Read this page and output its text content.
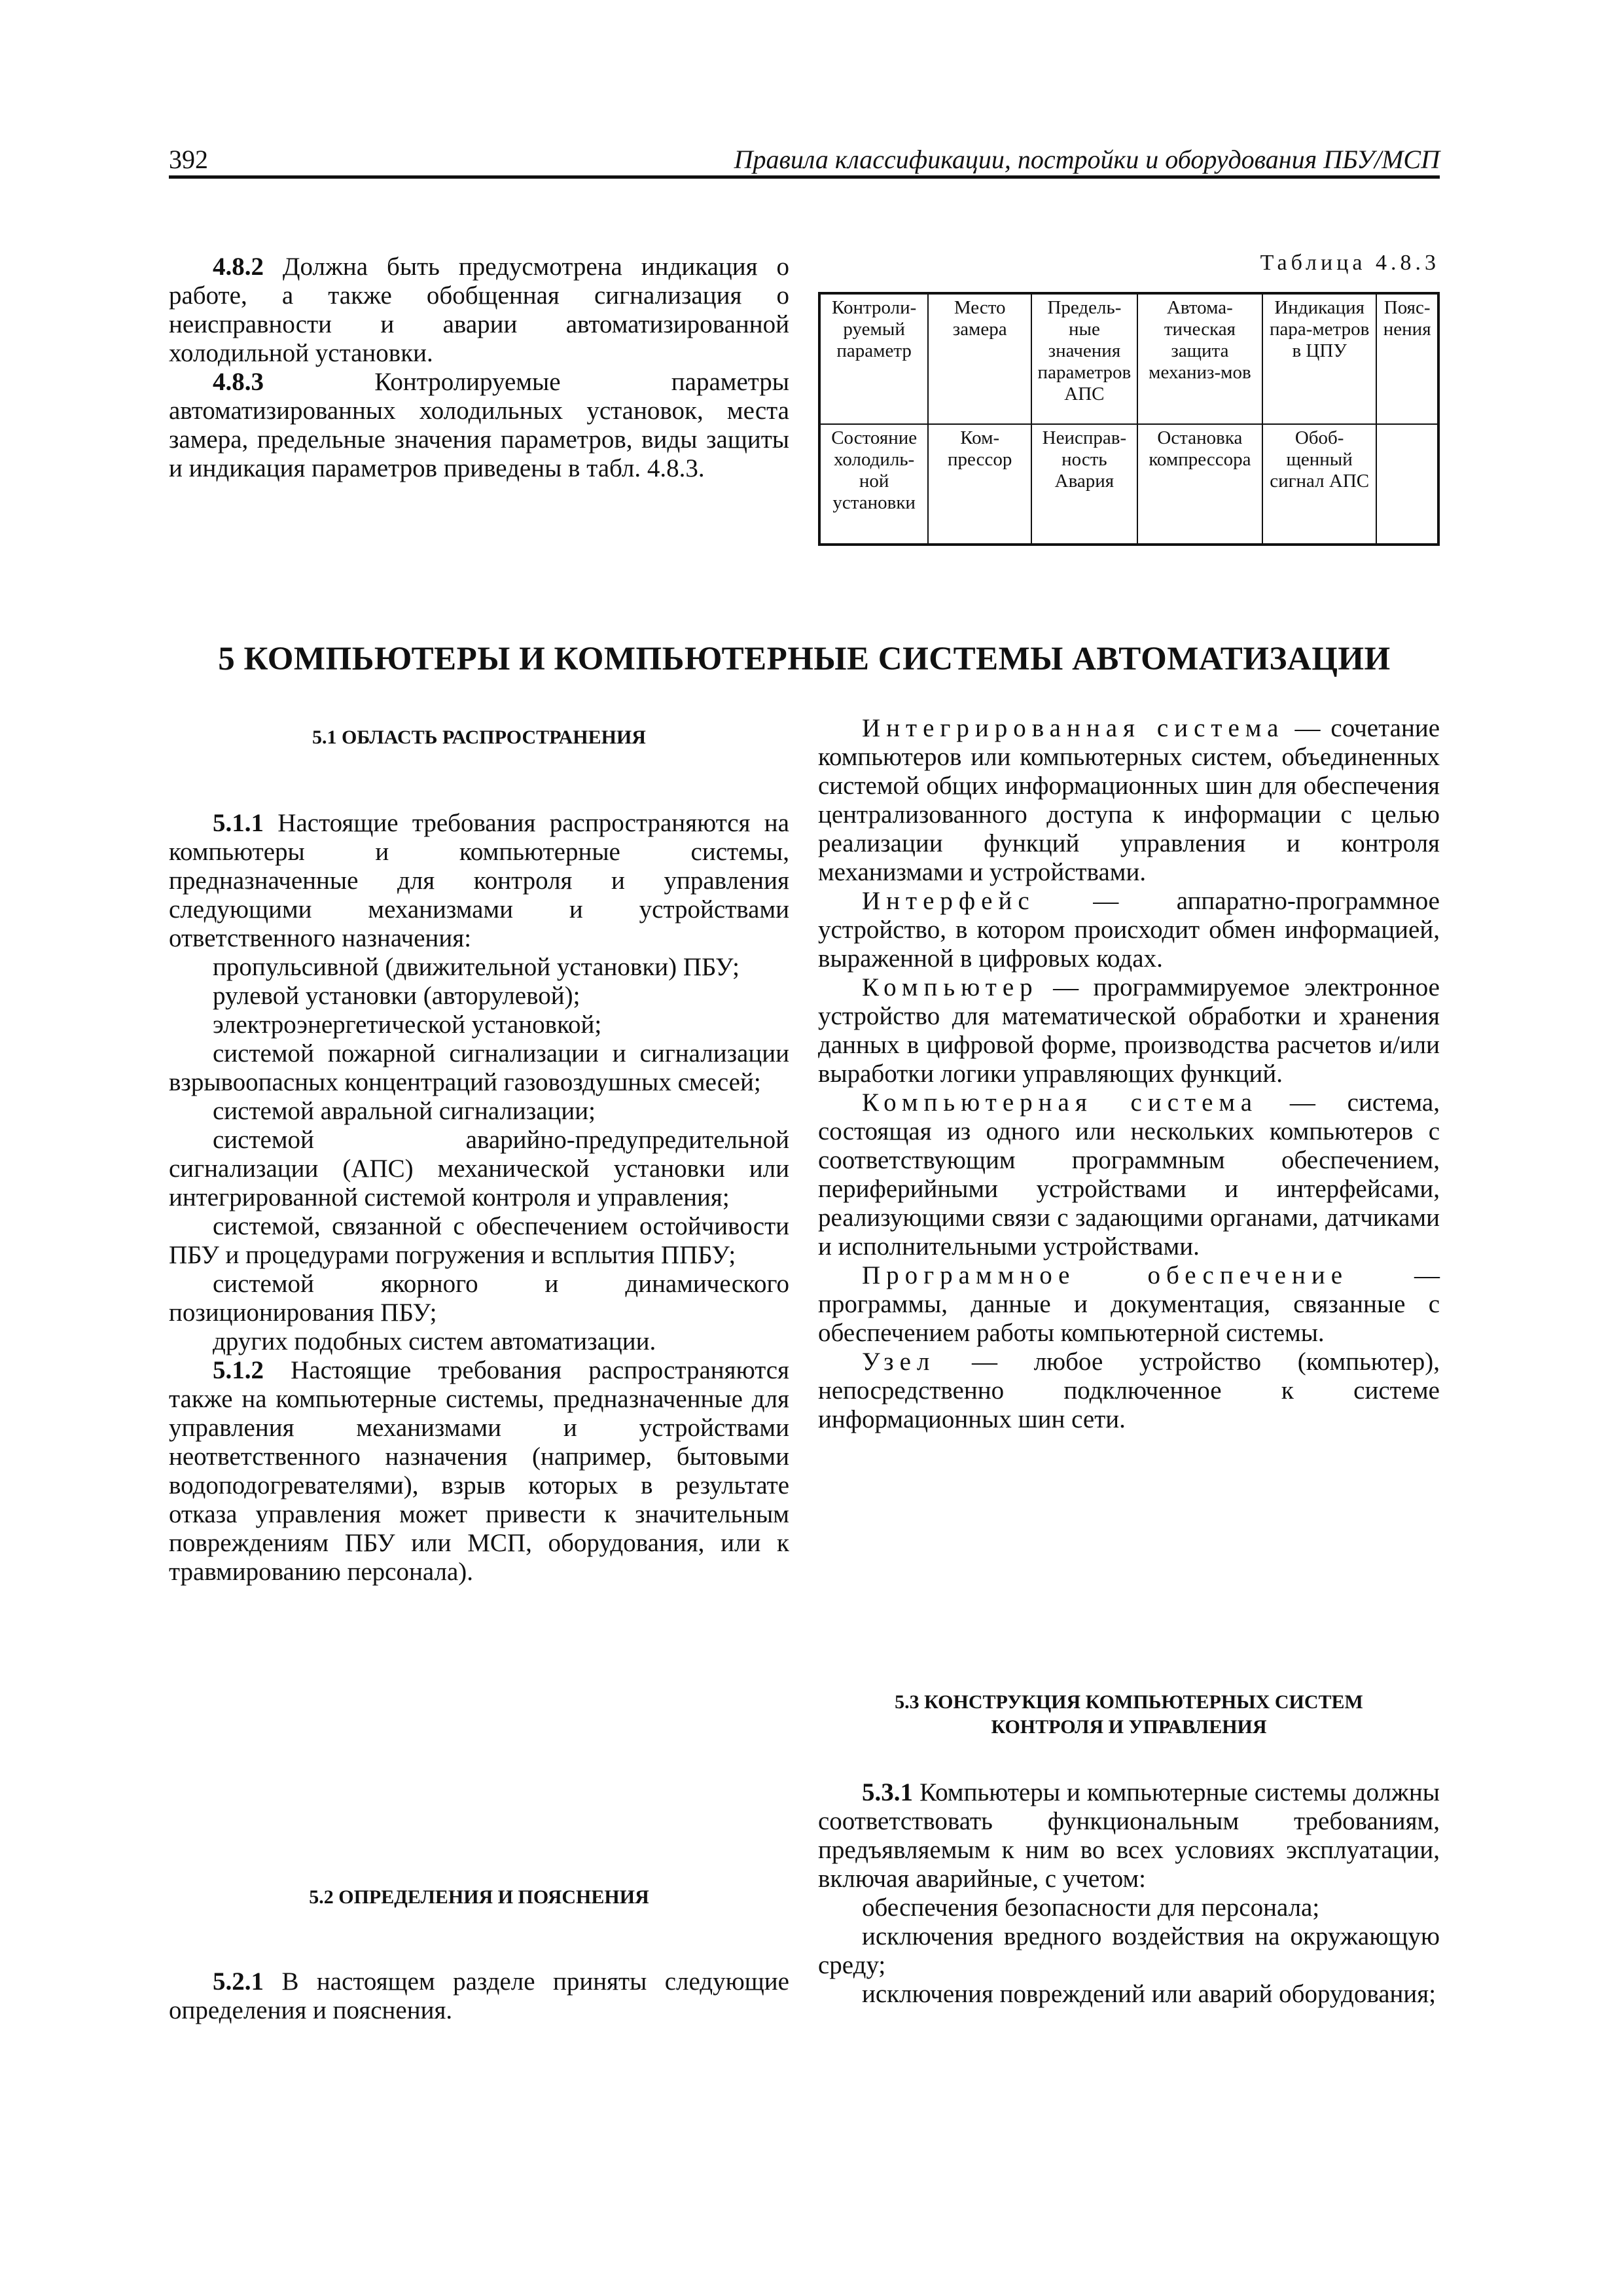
392	Правила классификации, постройки и оборудования ПБУ/МСП

4.8.2 Должна быть предусмотрена индикация о работе, а также обобщенная сигнализация о неисправности и аварии автоматизированной холодильной установки.

4.8.3 Контролируемые параметры автоматизированных холодильных установок, места замера, предельные значения параметров, виды защиты и индикация параметров приведены в табл. 4.8.3.

Таблица 4.8.3
Контроли-руемый параметр	Место замера	Предель-ные значения параметров АПС	Автома-тическая защита механиз-мов	Индикация пара-метров в ЦПУ	Пояс-нения
Состояние холодиль-ной установки	Ком-прессор	Неисправ-ность Авария	Остановка компрессора	Обоб-щенный сигнал АПС	
5 КОМПЬЮТЕРЫ И КОМПЬЮТЕРНЫЕ СИСТЕМЫ АВТОМАТИЗАЦИИ
5.1 ОБЛАСТЬ РАСПРОСТРАНЕНИЯ

5.1.1 Настоящие требования распространяются на компьютеры и компьютерные системы, предназначенные для контроля и управления следующими механизмами и устройствами ответственного назначения:

пропульсивной (движительной установки) ПБУ;

рулевой установки (авторулевой);

электроэнергетической установкой;

системой пожарной сигнализации и сигнализации взрывоопасных концентраций газовоздушных смесей;

системой авральной сигнализации;

системой аварийно-предупредительной сигнализации (АПС) механической установки или интегрированной системой контроля и управления;

системой, связанной с обеспечением остойчивости ПБУ и процедурами погружения и всплытия ППБУ;

системой якорного и динамического позиционирования ПБУ;

других подобных систем автоматизации.

5.1.2 Настоящие требования распространяются также на компьютерные системы, предназначенные для управления механизмами и устройствами неответственного назначения (например, бытовыми водоподогревателями), взрыв которых в результате отказа управления может привести к значительным повреждениям ПБУ или МСП, оборудования, или к травмированию персонала).

5.2 ОПРЕДЕЛЕНИЯ И ПОЯСНЕНИЯ

5.2.1 В настоящем разделе приняты следующие определения и пояснения.

Интегрированная система — сочетание компьютеров или компьютерных систем, объединенных системой общих информационных шин для обеспечения централизованного доступа к информации с целью реализации функций управления и контроля механизмами и устройствами.

Интерфейс — аппаратно-программное устройство, в котором происходит обмен информацией, выраженной в цифровых кодах.

Компьютер — программируемое электронное устройство для математической обработки и хранения данных в цифровой форме, производства расчетов и/или выработки логики управляющих функций.

Компьютерная система — система, состоящая из одного или нескольких компьютеров с соответствующим программным обеспечением, периферийными устройствами и интерфейсами, реализующими связи с задающими органами, датчиками и исполнительными устройствами.

Программное обеспечение — программы, данные и документация, связанные с обеспечением работы компьютерной системы.

Узел — любое устройство (компьютер), непосредственно подключенное к системе информационных шин сети.

5.3 КОНСТРУКЦИЯ КОМПЬЮТЕРНЫХ СИСТЕМ
КОНТРОЛЯ И УПРАВЛЕНИЯ

5.3.1 Компьютеры и компьютерные системы должны соответствовать функциональным требованиям, предъявляемым к ним во всех условиях эксплуатации, включая аварийные, с учетом:

обеспечения безопасности для персонала;

исключения вредного воздействия на окружающую среду;

исключения повреждений или аварий оборудования;
